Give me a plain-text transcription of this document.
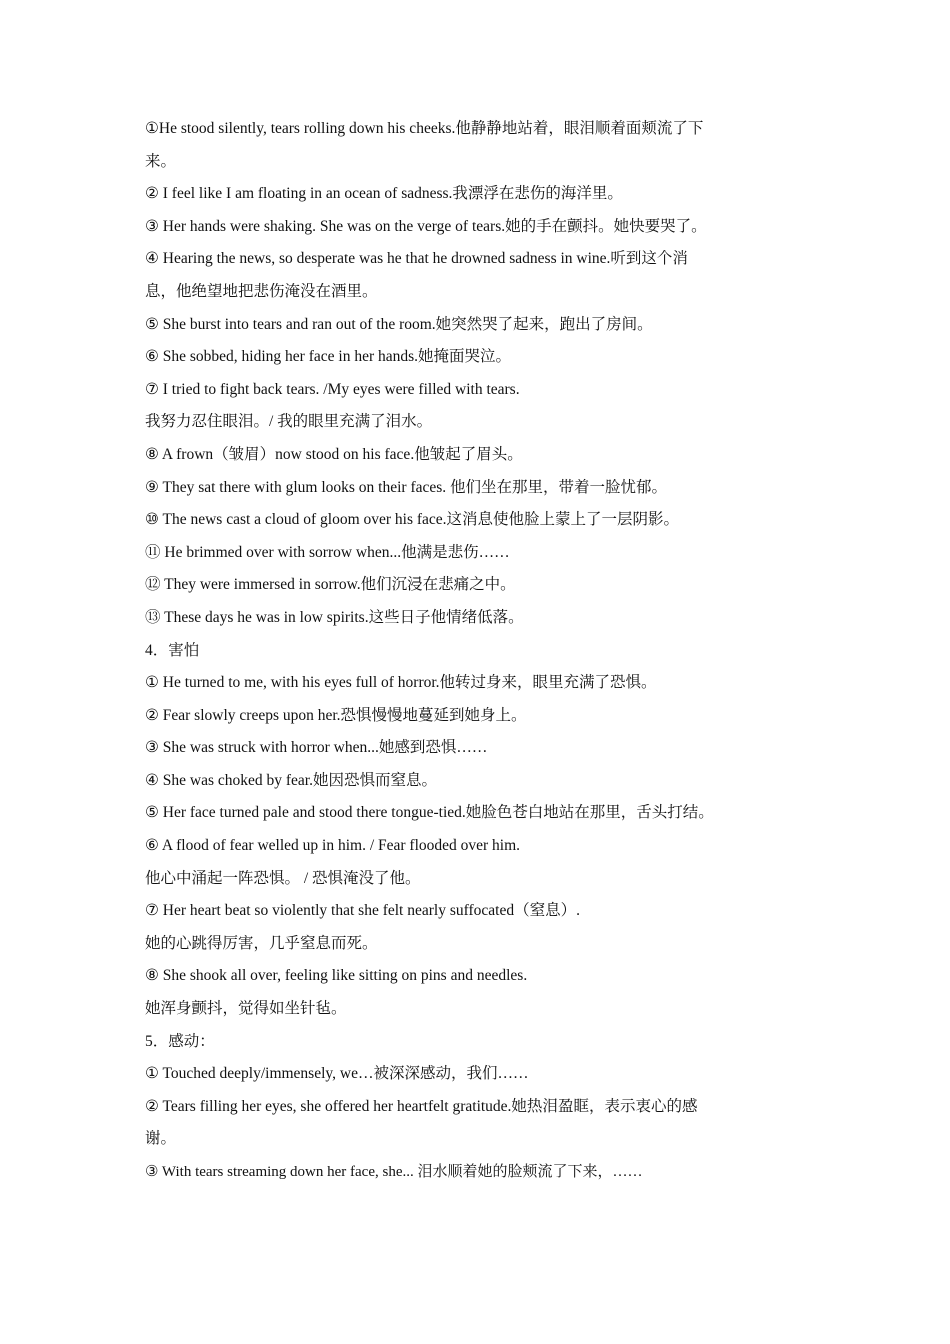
①He stood silently, tears rolling down his cheeks.他静静地站着，眼泪顺着面颊流了下
来。
② I feel like I am floating in an ocean of sadness.我漂浮在悲伤的海洋里。
③ Her hands were shaking. She was on the verge of tears.她的手在颤抖。她快要哭了。
④ Hearing the news, so desperate was he that he drowned sadness in wine.听到这个消
息，他绝望地把悲伤淹没在酒里。
⑤ She burst into tears and ran out of the room.她突然哭了起来，跑出了房间。
⑥ She sobbed, hiding her face in her hands.她掩面哭泣。
⑦ I tried to fight back tears. /My eyes were filled with tears.
我努力忍住眼泪。/ 我的眼里充满了泪水。
⑧ A frown（皱眉）now stood on his face.他皱起了眉头。
⑨ They sat there with glum looks on their faces. 他们坐在那里，带着一脸忧郁。
⑩ The news cast a cloud of gloom over his face.这消息使他脸上蒙上了一层阴影。
⑪ He brimmed over with sorrow when...他满是悲伤……
⑫ They were immersed in sorrow.他们沉浸在悲痛之中。
⑬ These days he was in low spirits.这些日子他情绪低落。
4．害怕
① He turned to me, with his eyes full of horror.他转过身来，眼里充满了恐惧。
② Fear slowly creeps upon her.恐惧慢慢地蔓延到她身上。
③ She was struck with horror when...她感到恐惧……
④ She was choked by fear.她因恐惧而窒息。
⑤ Her face turned pale and stood there tongue-tied.她脸色苍白地站在那里，舌头打结。
⑥ A flood of fear welled up in him. / Fear flooded over him.
他心中涌起一阵恐惧。 / 恐惧淹没了他。
⑦ Her heart beat so violently that she felt nearly suffocated（窒息）.
她的心跳得厉害，几乎窒息而死。
⑧ She shook all over, feeling like sitting on pins and needles.
她浑身颤抖，觉得如坐针毡。
5．感动：
① Touched deeply/immensely, we…被深深感动，我们……
② Tears filling her eyes, she offered her heartfelt gratitude.她热泪盈眶，表示衷心的感
谢。
③ With tears streaming down her face, she... 泪水顺着她的脸颊流了下来，……
